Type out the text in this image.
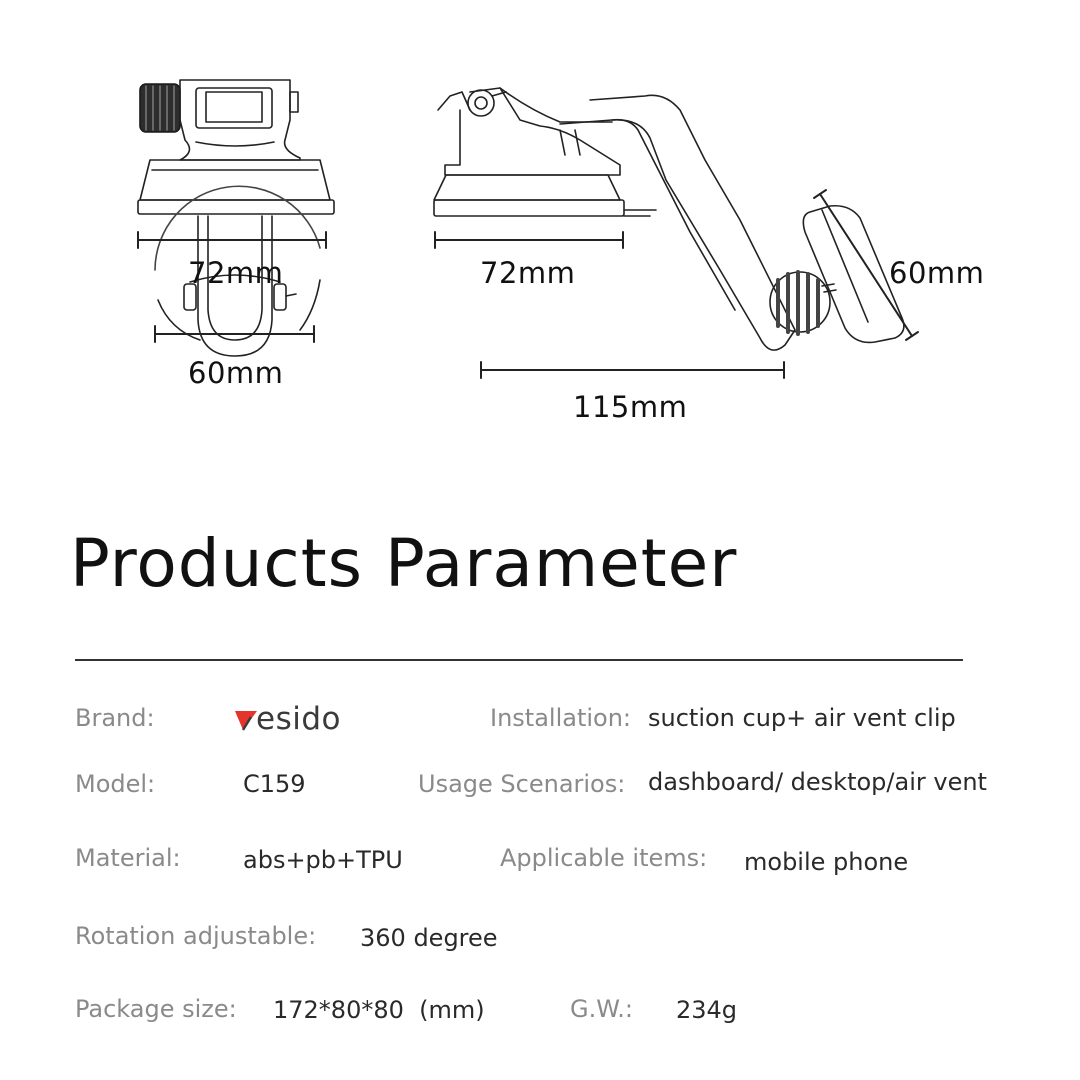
72mm
60mm
72mm
115mm
60mm
Products Parameter
Brand:	esido	Installation: suction cup+ air vent clip
Model:	C159	Usage Scenarios: dashboard/ desktop/air vent
Material:	abs+pb+TPU	Applicable items: mobile phone
Rotation adjustable: 360 degree
Package size: 172*80*80  (mm)	G.W.: 234g
